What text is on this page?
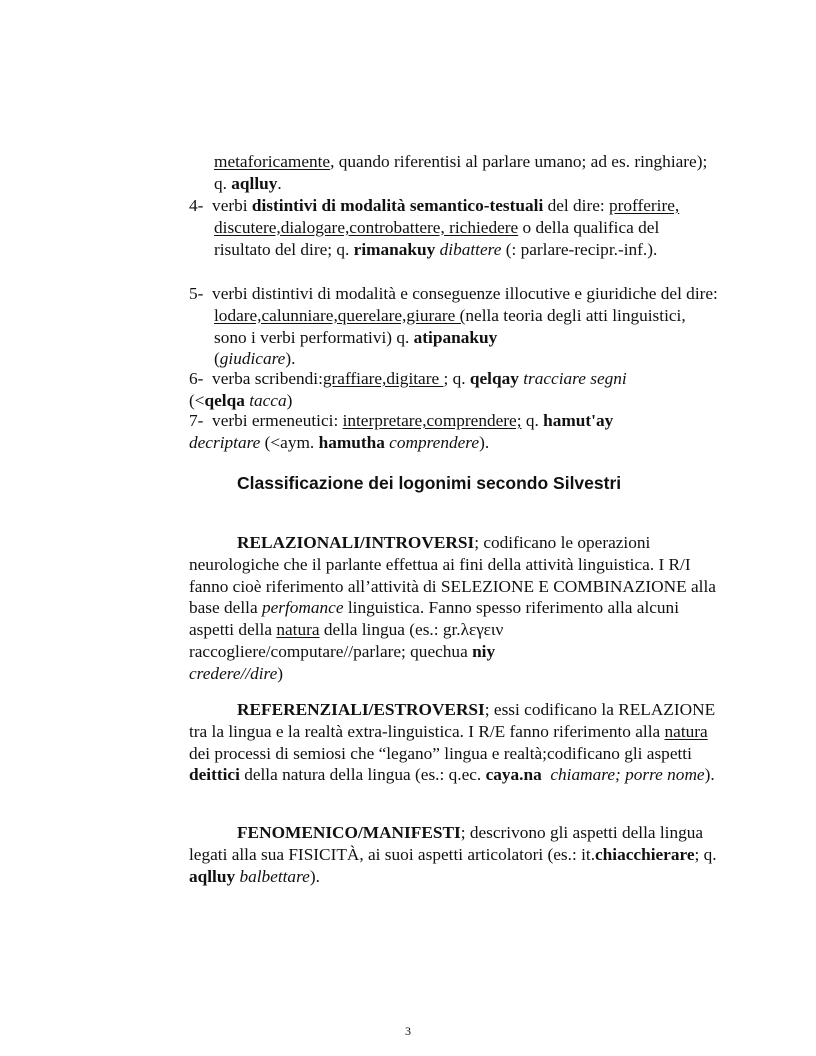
metaforicamente, quando riferentisi al parlare umano; ad es. ringhiare); q. aqlluy.
4- verbi distintivi di modalità semantico-testuali del dire: profferire, discutere,dialogare,controbattere, richiedere o della qualifica del risultato del dire; q. rimanakuy dibattere (: parlare-recipr.-inf.).
5- verbi distintivi di modalità e conseguenze illocutive e giuridiche del dire: lodare,calunniare,querelare,giurare (nella teoria degli atti linguistici, sono i verbi performativi) q. atipanakuy
(giudicare).
6- verba scribendi:graffiare,digitare ; q. qelqay tracciare segni
(<qelqa tacca)
7- verbi ermeneutici: interpretare,comprendere; q. hamut'ay
decriptare (<aym. hamutha comprendere).
Classificazione dei logonimi secondo Silvestri
RELAZIONALI/INTROVERSI; codificano le operazioni neurologiche che il parlante effettua ai fini della attività linguistica. I R/I fanno cioè riferimento all’attività di SELEZIONE E COMBINAZIONE alla base della perfomance linguistica. Fanno spesso riferimento alla alcuni aspetti della natura della lingua (es.: gr.λεγειν raccogliere/computare//parlare; quechua niy
credere//dire)
REFERENZIALI/ESTROVERSI; essi codificano la RELAZIONE tra la lingua e la realtà extra-linguistica. I R/E fanno riferimento alla natura dei processi di semiosi che “legano” lingua e realtà;codificano gli aspetti deittici della natura della lingua (es.: q.ec. caya.na chiamare; porre nome).
FENOMENICO/MANIFESTI; descrivono gli aspetti della lingua legati alla sua FISICITÀ, ai suoi aspetti articolatori (es.: it.chiacchierare; q. aqlluy balbettare).
3
